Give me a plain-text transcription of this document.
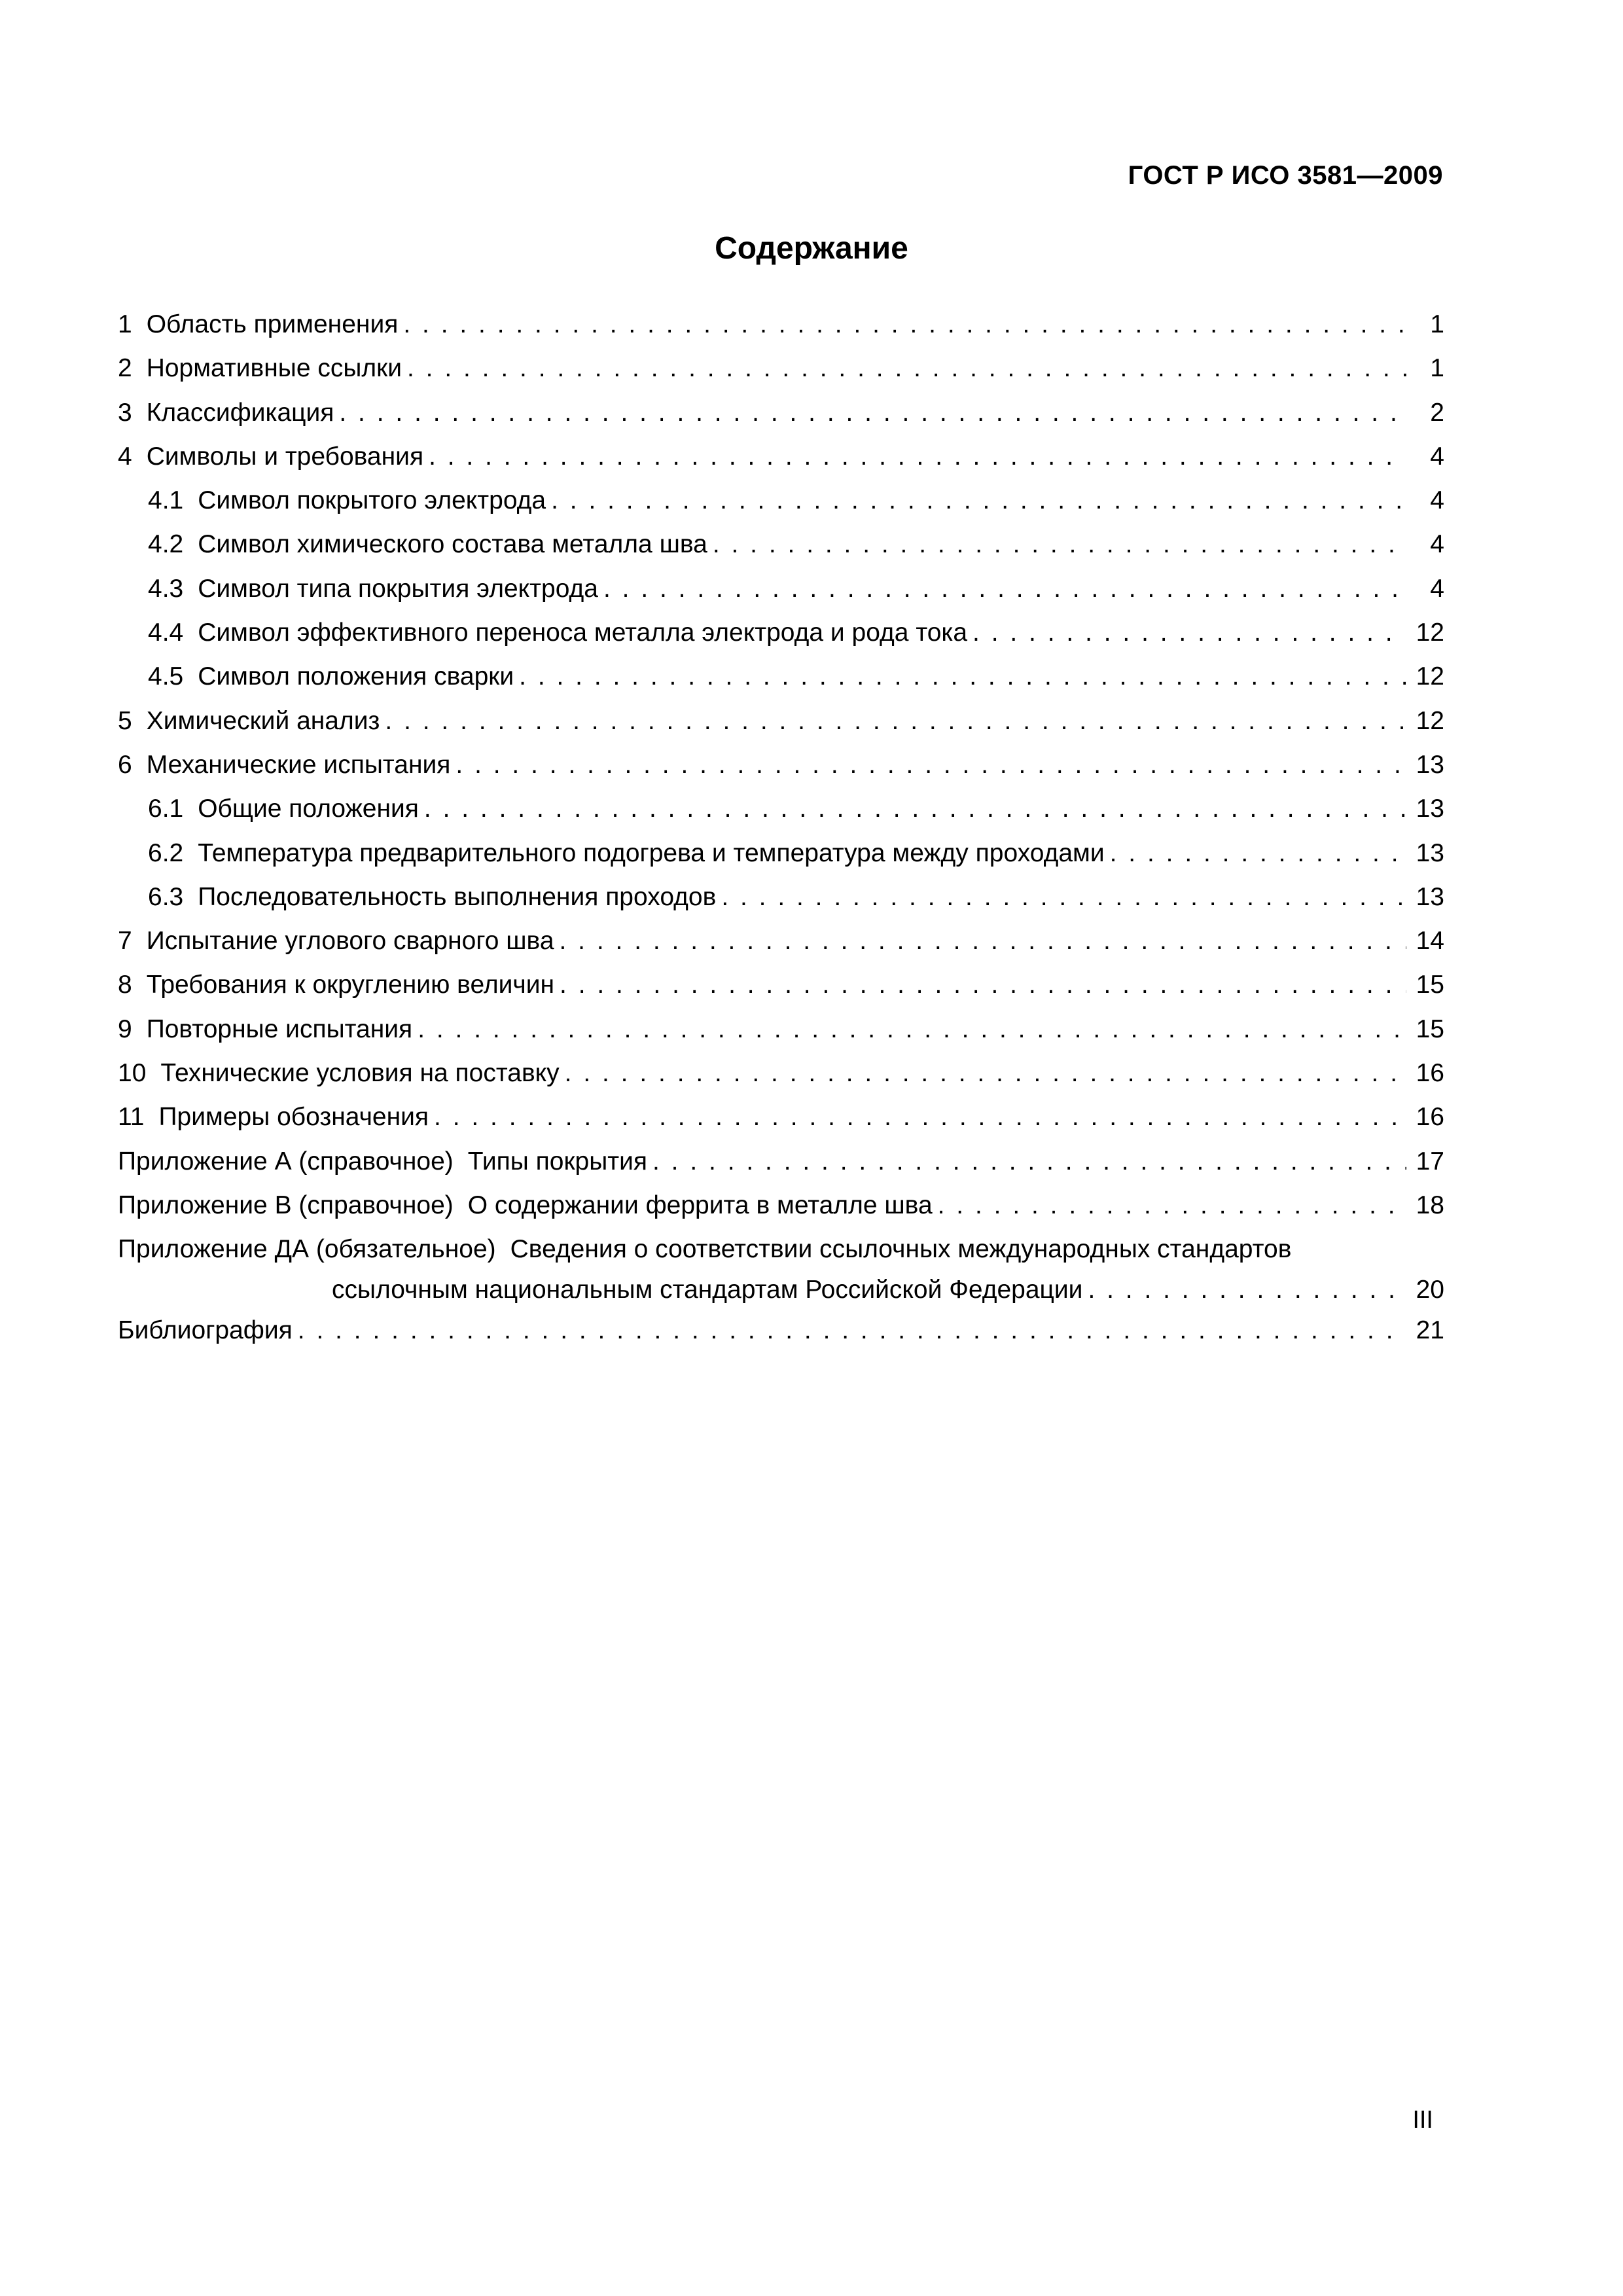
ГОСТ Р ИСО 3581—2009
Содержание
1 Область применения . . .	1
2 Нормативные ссылки . . .	1
3 Классификация . . .	2
4 Символы и требования . . .	4
4.1 Символ покрытого электрода . . .	4
4.2 Символ химического состава металла шва . . .	4
4.3 Символ типа покрытия электрода . . .	4
4.4 Символ эффективного переноса металла электрода и рода тока . . .	12
4.5 Символ положения сварки . . .	12
5 Химический анализ . . .	12
6 Механические испытания . . .	13
6.1 Общие положения . . .	13
6.2 Температура предварительного подогрева и температура между проходами . . .	13
6.3 Последовательность выполнения проходов . . .	13
7 Испытание углового сварного шва . . .	14
8 Требования к округлению величин . . .	15
9 Повторные испытания . . .	15
10 Технические условия на поставку . . .	16
11 Примеры обозначения . . .	16
Приложение А (справочное) Типы покрытия . . .	17
Приложение В (справочное) О содержании феррита в металле шва . . .	18
Приложение ДА (обязательное) Сведения о соответствии ссылочных международных стандартов
ссылочным национальным стандартам Российской Федерации . . .	20
Библиография . . .	21
III
